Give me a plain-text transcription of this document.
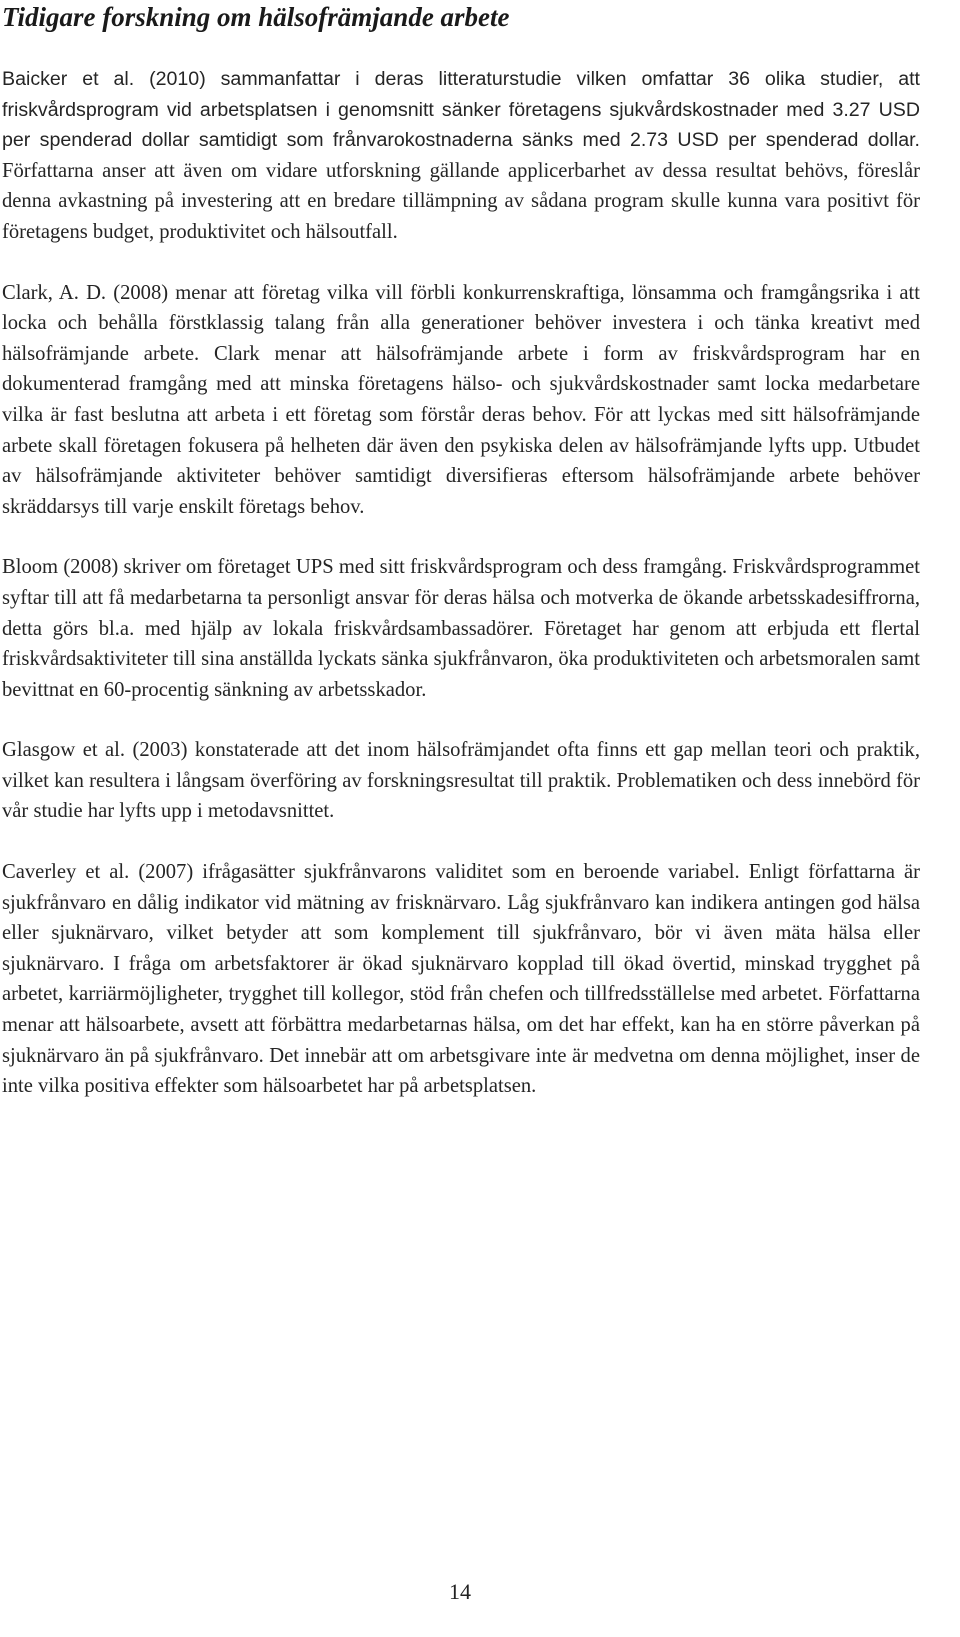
Tidigare forskning om hälsofrämjande arbete

Baicker et al. (2010) sammanfattar i deras litteraturstudie vilken omfattar 36 olika studier, att friskvårdsprogram vid arbetsplatsen i genomsnitt sänker företagens sjukvårdskostnader med 3.27 USD per spenderad dollar samtidigt som frånvarokostnaderna sänks med 2.73 USD per spenderad dollar. Författarna anser att även om vidare utforskning gällande applicerbarhet av dessa resultat behövs, föreslår denna avkastning på investering att en bredare tillämpning av sådana program skulle kunna vara positivt för företagens budget, produktivitet och hälsoutfall.

Clark, A. D. (2008) menar att företag vilka vill förbli konkurrenskraftiga, lönsamma och framgångsrika i att locka och behålla förstklassig talang från alla generationer behöver investera i och tänka kreativt med hälsofrämjande arbete. Clark menar att hälsofrämjande arbete i form av friskvårdsprogram har en dokumenterad framgång med att minska företagens hälso- och sjukvårdskostnader samt locka medarbetare vilka är fast beslutna att arbeta i ett företag som förstår deras behov. För att lyckas med sitt hälsofrämjande arbete skall företagen fokusera på helheten där även den psykiska delen av hälsofrämjande lyfts upp. Utbudet av hälsofrämjande aktiviteter behöver samtidigt diversifieras eftersom hälsofrämjande arbete behöver skräddarsys till varje enskilt företags behov.

Bloom (2008) skriver om företaget UPS med sitt friskvårdsprogram och dess framgång. Friskvårdsprogrammet syftar till att få medarbetarna ta personligt ansvar för deras hälsa och motverka de ökande arbetsskadesiffrorna, detta görs bl.a. med hjälp av lokala friskvårdsambassadörer. Företaget har genom att erbjuda ett flertal friskvårdsaktiviteter till sina anställda lyckats sänka sjukfrånvaron, öka produktiviteten och arbetsmoralen samt bevittnat en 60-procentig sänkning av arbetsskador.

Glasgow et al. (2003) konstaterade att det inom hälsofrämjandet ofta finns ett gap mellan teori och praktik, vilket kan resultera i långsam överföring av forskningsresultat till praktik. Problematiken och dess innebörd för vår studie har lyfts upp i metodavsnittet.

Caverley et al. (2007) ifrågasätter sjukfrånvarons validitet som en beroende variabel. Enligt författarna är sjukfrånvaro en dålig indikator vid mätning av frisknärvaro. Låg sjukfrånvaro kan indikera antingen god hälsa eller sjuknärvaro, vilket betyder att som komplement till sjukfrånvaro, bör vi även mäta hälsa eller sjuknärvaro. I fråga om arbetsfaktorer är ökad sjuknärvaro kopplad till ökad övertid, minskad trygghet på arbetet, karriärmöjligheter, trygghet till kollegor, stöd från chefen och tillfredsställelse med arbetet. Författarna menar att hälsoarbete, avsett att förbättra medarbetarnas hälsa, om det har effekt, kan ha en större påverkan på sjuknärvaro än på sjukfrånvaro. Det innebär att om arbetsgivare inte är medvetna om denna möjlighet, inser de inte vilka positiva effekter som hälsoarbetet har på arbetsplatsen.

14
